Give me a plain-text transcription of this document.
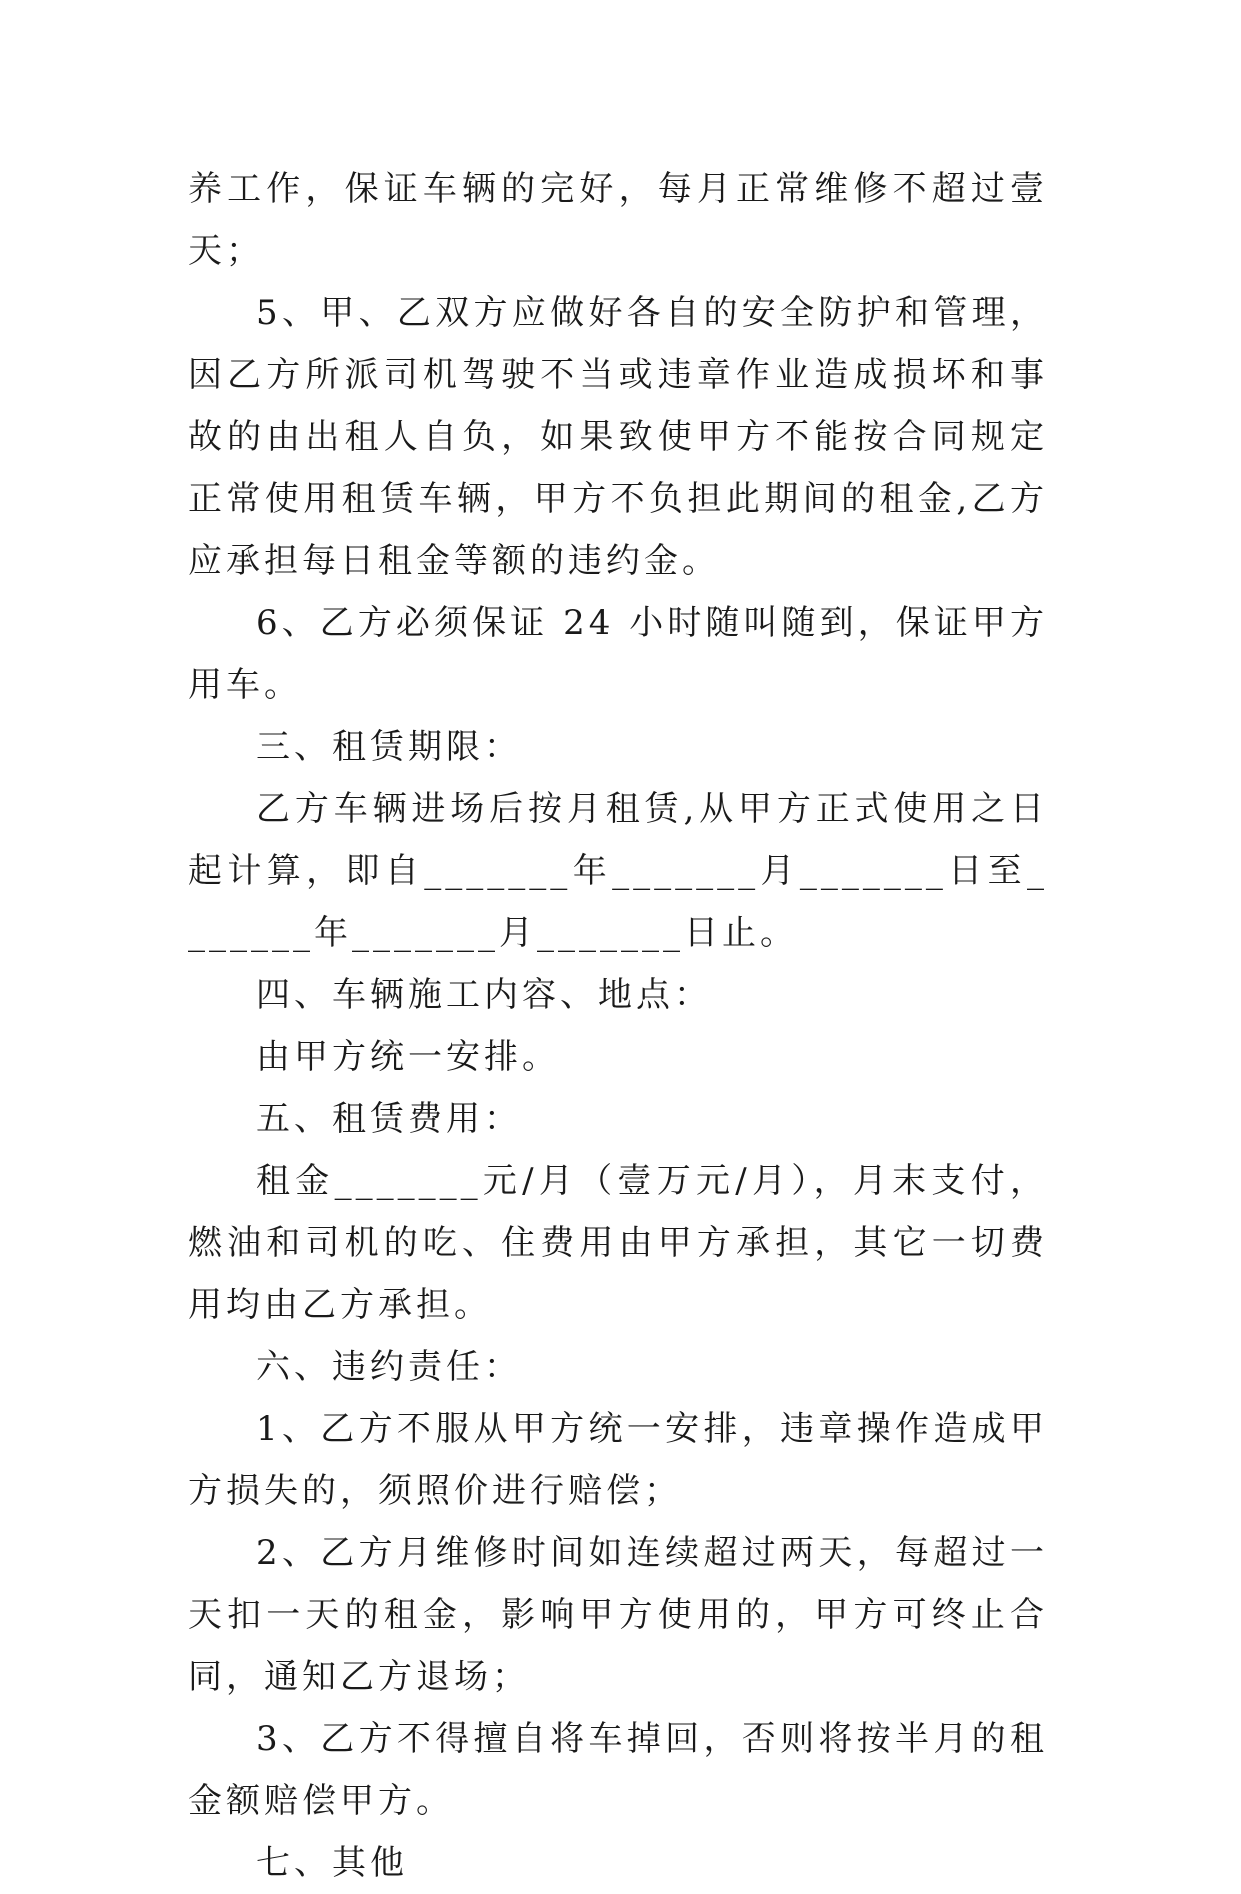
养工作，保证车辆的完好，每月正常维修不超过壹天；

5、甲、乙双方应做好各自的安全防护和管理，因乙方所派司机驾驶不当或违章作业造成损坏和事故的由出租人自负，如果致使甲方不能按合同规定正常使用租赁车辆，甲方不负担此期间的租金,乙方应承担每日租金等额的违约金。

6、乙方必须保证 24 小时随叫随到，保证甲方用车。

三、租赁期限：

乙方车辆进场后按月租赁,从甲方正式使用之日起计算，即自_______年_______月_______日至_______年_______月_______日止。

四、车辆施工内容、地点：

由甲方统一安排。

五、租赁费用：

租金_______元/月（壹万元/月），月末支付，燃油和司机的吃、住费用由甲方承担，其它一切费用均由乙方承担。

六、违约责任：

1、乙方不服从甲方统一安排，违章操作造成甲方损失的，须照价进行赔偿；

2、乙方月维修时间如连续超过两天，每超过一天扣一天的租金，影响甲方使用的，甲方可终止合同，通知乙方退场；

3、乙方不得擅自将车掉回，否则将按半月的租金额赔偿甲方。

七、其他
